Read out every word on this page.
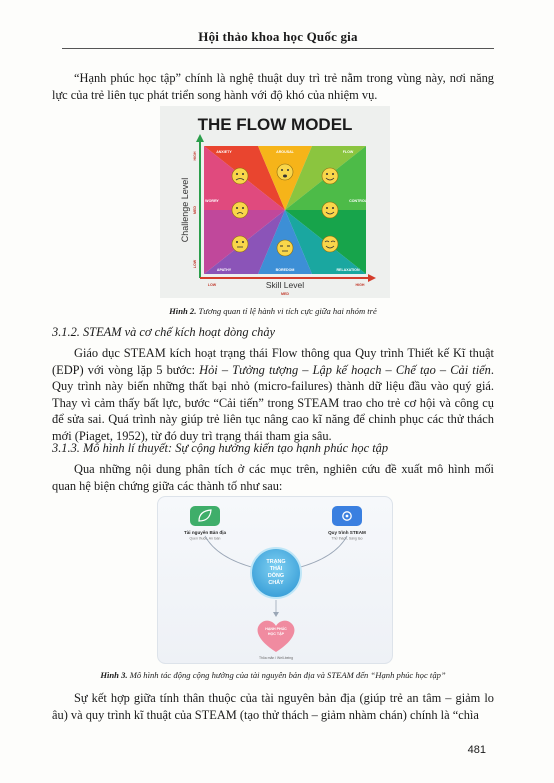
Hội thảo khoa học Quốc gia

“Hạnh phúc học tập” chính là nghệ thuật duy trì trẻ nằm trong vùng này, nơi năng lực của trẻ liên tục phát triển song hành với độ khó của nhiệm vụ.

THE FLOW MODEL
ANXIETY	AROUSAL	FLOW
WORRY	CONTROL
APATHY	BOREDOM	RELAXATION
Challenge Level
Skill Level
HIGH
MED
LOW
LOW
MED
HIGH

Hình 2. Tương quan tỉ lệ hành vi tích cực giữa hai nhóm trẻ

3.1.2. STEAM và cơ chế kích hoạt dòng chảy

Giáo dục STEAM kích hoạt trạng thái Flow thông qua Quy trình Thiết kế Kĩ thuật (EDP) với vòng lặp 5 bước: Hỏi – Tưởng tượng – Lập kế hoạch – Chế tạo – Cải tiến. Quy trình này biến những thất bại nhỏ (micro-failures) thành dữ liệu đầu vào quý giá. Thay vì cảm thấy bất lực, bước “Cải tiến” trong STEAM trao cho trẻ cơ hội và công cụ để sửa sai. Quá trình này giúp trẻ liên tục nâng cao kĩ năng để chinh phục các thử thách mới (Piaget, 1952), từ đó duy trì trạng thái tham gia sâu.

3.1.3. Mô hình lí thuyết: Sự cộng hưởng kiến tạo hạnh phúc học tập

Qua những nội dung phân tích ở các mục trên, nghiên cứu đề xuất mô hình mối quan hệ biện chứng giữa các thành tố như sau:

Tài nguyên Bản địa
Quen thuộc, An toàn
Quy trình STEAM
Thử thách, Sáng tạo
TRẠNG
THÁI
DÒNG
CHẢY
HẠNH PHÚC
HỌC TẬP
Thỏa mãn / Well-being

Hình 3. Mô hình tác động cộng hưởng của tài nguyên bản địa và STEAM đến “Hạnh phúc học tập”

Sự kết hợp giữa tính thân thuộc của tài nguyên bản địa (giúp trẻ an tâm – giảm lo âu) và quy trình kĩ thuật của STEAM (tạo thử thách – giảm nhàm chán) chính là “chìa

481
